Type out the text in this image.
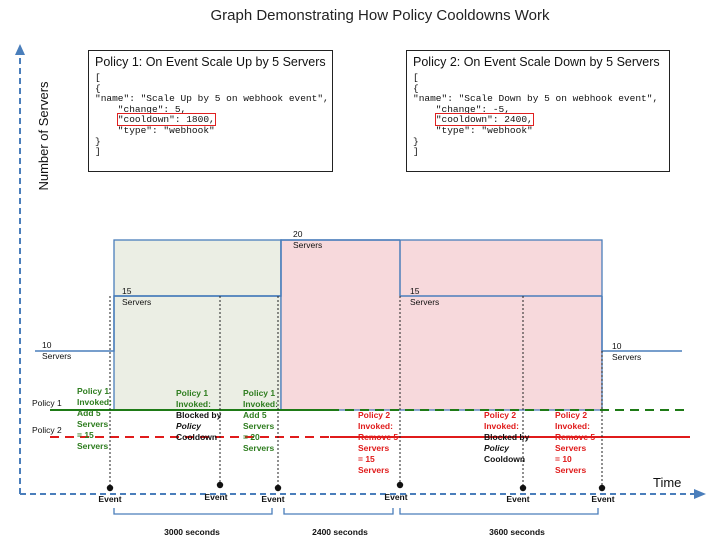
Graph Demonstrating How Policy Cooldowns Work
Number of Servers
Time
10 Servers
15 Servers
20 Servers
15 Servers
10 Servers
Policy 1
Policy 2
Policy 1 Invoked: Add 5 Servers = 15 Servers
Policy 1 Invoked: Blocked by Policy Cooldown
Policy 1 Invoked: Add 5 Servers = 20 Servers
Policy 2 Invoked: Remove 5 Servers = 15 Servers
Policy 2 Invoked: Blocked by Policy Cooldown
Policy 2 Invoked: Remove 5 Servers = 10 Servers
Event	Event	Event	Event	Event	Event
3000 seconds	2400 seconds	3600 seconds
Policy 1: On Event Scale Up by 5 Servers
[
{
"name": "Scale Up by 5 on webhook event",
"change": 5,
"cooldown": 1800,
"type": "webhook"
}
]
Policy 2: On Event Scale Down by 5 Servers
[
{
"name": "Scale Down by 5 on webhook event",
"change": -5,
"cooldown": 2400,
"type": "webhook"
}
]
